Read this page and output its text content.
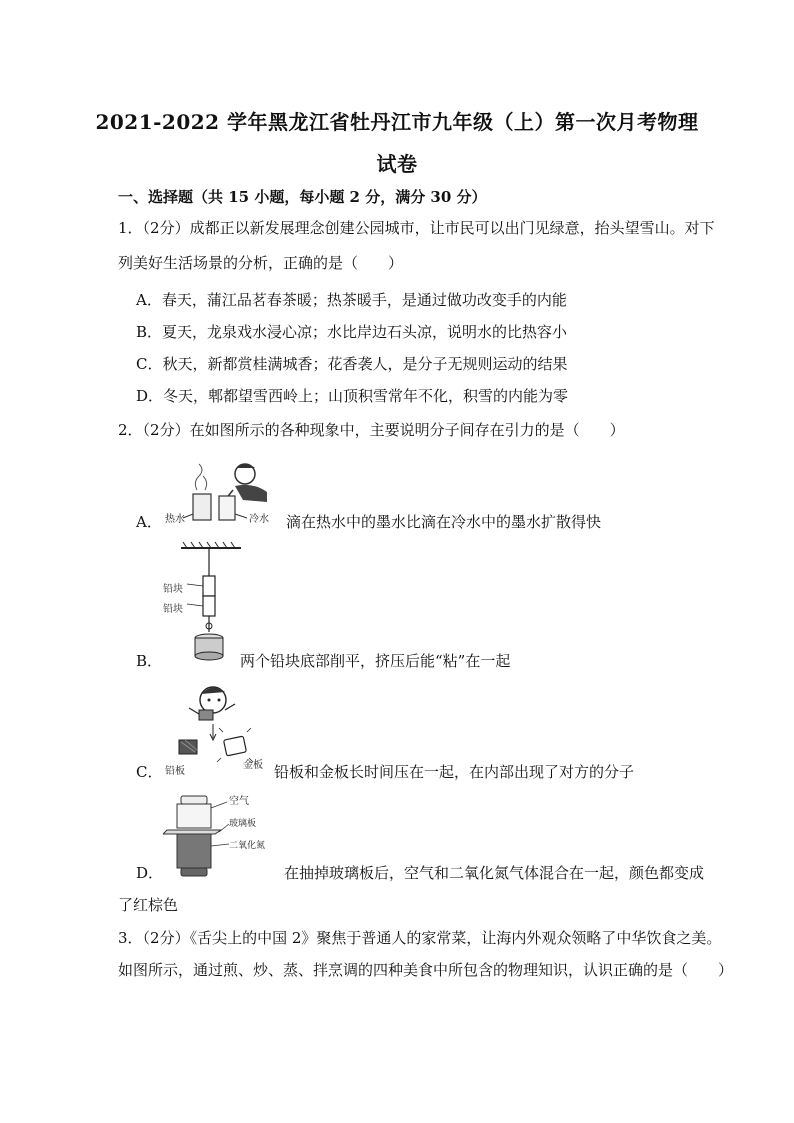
2021-2022 学年黑龙江省牡丹江市九年级（上）第一次月考物理
试卷
一、选择题（共 15 小题，每小题 2 分，满分 30 分）
1．（2分）成都正以新发展理念创建公园城市，让市民可以出门见绿意，抬头望雪山。对下
列美好生活场景的分析，正确的是（　　）
A．春天，蒲江品茗春茶暖；热茶暖手，是通过做功改变手的内能
B．夏天，龙泉戏水浸心凉；水比岸边石头凉，说明水的比热容小
C．秋天，新都赏桂满城香；花香袭人，是分子无规则运动的结果
D．冬天，郫都望雪西岭上；山顶积雪常年不化，积雪的内能为零
2．（2分）在如图所示的各种现象中，主要说明分子间存在引力的是（　　）
A． 热水	冷水 滴在热水中的墨水比滴在冷水中的墨水扩散得快
B．
铅块
铅块
两个铅块底部削平，挤压后能“粘”在一起
C． 铅板
金板 铅板和金板长时间压在一起，在内部出现了对方的分子
D．
空气
玻璃板
二氧化氮
在抽掉玻璃板后，空气和二氧化氮气体混合在一起，颜色都变成
了红棕色
3．（2分）《舌尖上的中国 2》聚焦于普通人的家常菜，让海内外观众领略了中华饮食之美。
如图所示，通过煎、炒、蒸、拌烹调的四种美食中所包含的物理知识，认识正确的是（　　）
